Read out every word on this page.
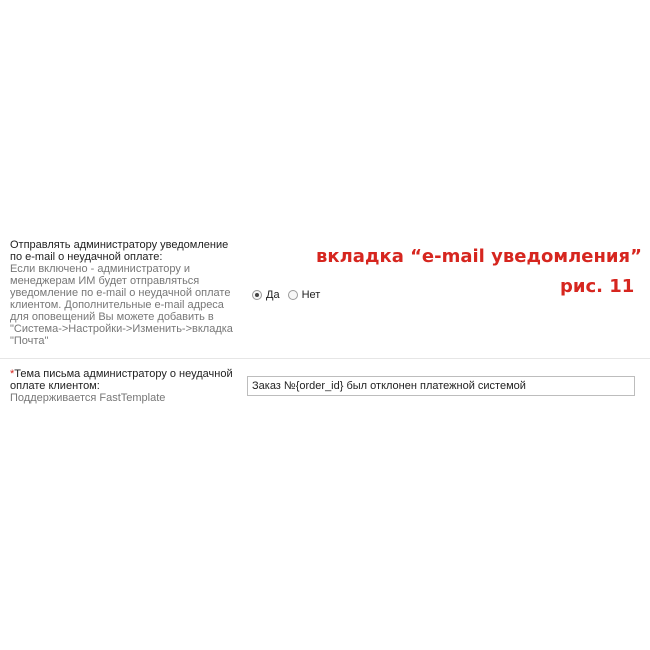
вкладка “e-mail уведомления”
рис. 11
Отправлять администратору уведомление по e-mail о неудачной оплате:
Если включено - администратору и менеджерам ИМ будет отправляться уведомление по e-mail о неудачной оплате клиентом. Дополнительные e-mail адреса для оповещений Вы можете добавить в "Система->Настройки->Изменить->вкладка "Почта"
Да Нет
*Тема письма администратору о неудачной оплате клиентом:
Поддерживается FastTemplate
Заказ №{order_id} был отклонен платежной системой
